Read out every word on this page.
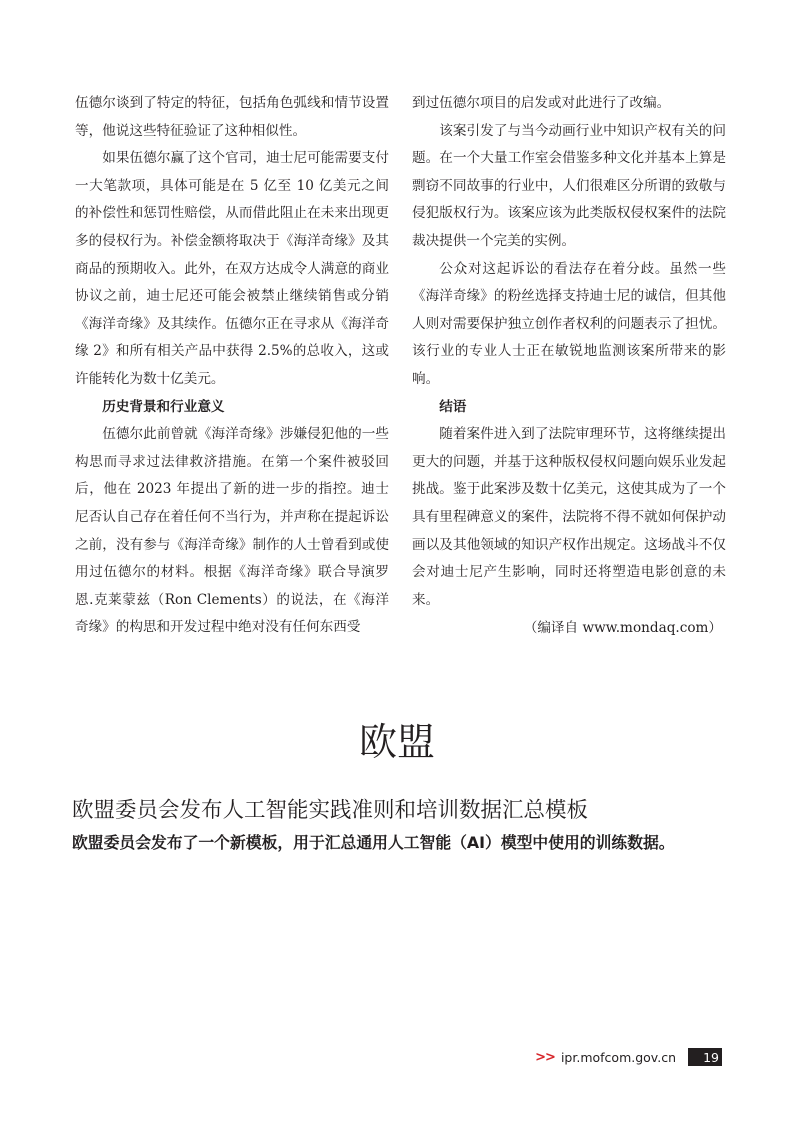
伍德尔谈到了特定的特征，包括角色弧线和情节设置等，他说这些特征验证了这种相似性。

如果伍德尔赢了这个官司，迪士尼可能需要支付一大笔款项，具体可能是在 5 亿至 10 亿美元之间的补偿性和惩罚性赔偿，从而借此阻止在未来出现更多的侵权行为。补偿金额将取决于《海洋奇缘》及其商品的预期收入。此外，在双方达成令人满意的商业协议之前，迪士尼还可能会被禁止继续销售或分销《海洋奇缘》及其续作。伍德尔正在寻求从《海洋奇缘 2》和所有相关产品中获得 2.5%的总收入，这或许能转化为数十亿美元。

历史背景和行业意义

伍德尔此前曾就《海洋奇缘》涉嫌侵犯他的一些构思而寻求过法律救济措施。在第一个案件被驳回后，他在 2023 年提出了新的进一步的指控。迪士尼否认自己存在着任何不当行为，并声称在提起诉讼之前，没有参与《海洋奇缘》制作的人士曾看到或使用过伍德尔的材料。根据《海洋奇缘》联合导演罗恩.克莱蒙兹（Ron Clements）的说法，在《海洋奇缘》的构思和开发过程中绝对没有任何东西受

到过伍德尔项目的启发或对此进行了改编。

该案引发了与当今动画行业中知识产权有关的问题。在一个大量工作室会借鉴多种文化并基本上算是剽窃不同故事的行业中，人们很难区分所谓的致敬与侵犯版权行为。该案应该为此类版权侵权案件的法院裁决提供一个完美的实例。

公众对这起诉讼的看法存在着分歧。虽然一些《海洋奇缘》的粉丝选择支持迪士尼的诚信，但其他人则对需要保护独立创作者权利的问题表示了担忧。该行业的专业人士正在敏锐地监测该案所带来的影响。

结语

随着案件进入到了法院审理环节，这将继续提出更大的问题，并基于这种版权侵权问题向娱乐业发起挑战。鉴于此案涉及数十亿美元，这使其成为了一个具有里程碑意义的案件，法院将不得不就如何保护动画以及其他领域的知识产权作出规定。这场战斗不仅会对迪士尼产生影响，同时还将塑造电影创意的未来。

（编译自 www.mondaq.com）

欧盟
欧盟委员会发布人工智能实践准则和培训数据汇总模板

欧盟委员会发布了一个新模板，用于汇总通用人工智能（AI）模型中使用的训练数据。

>> ipr.mofcom.gov.cn	19
